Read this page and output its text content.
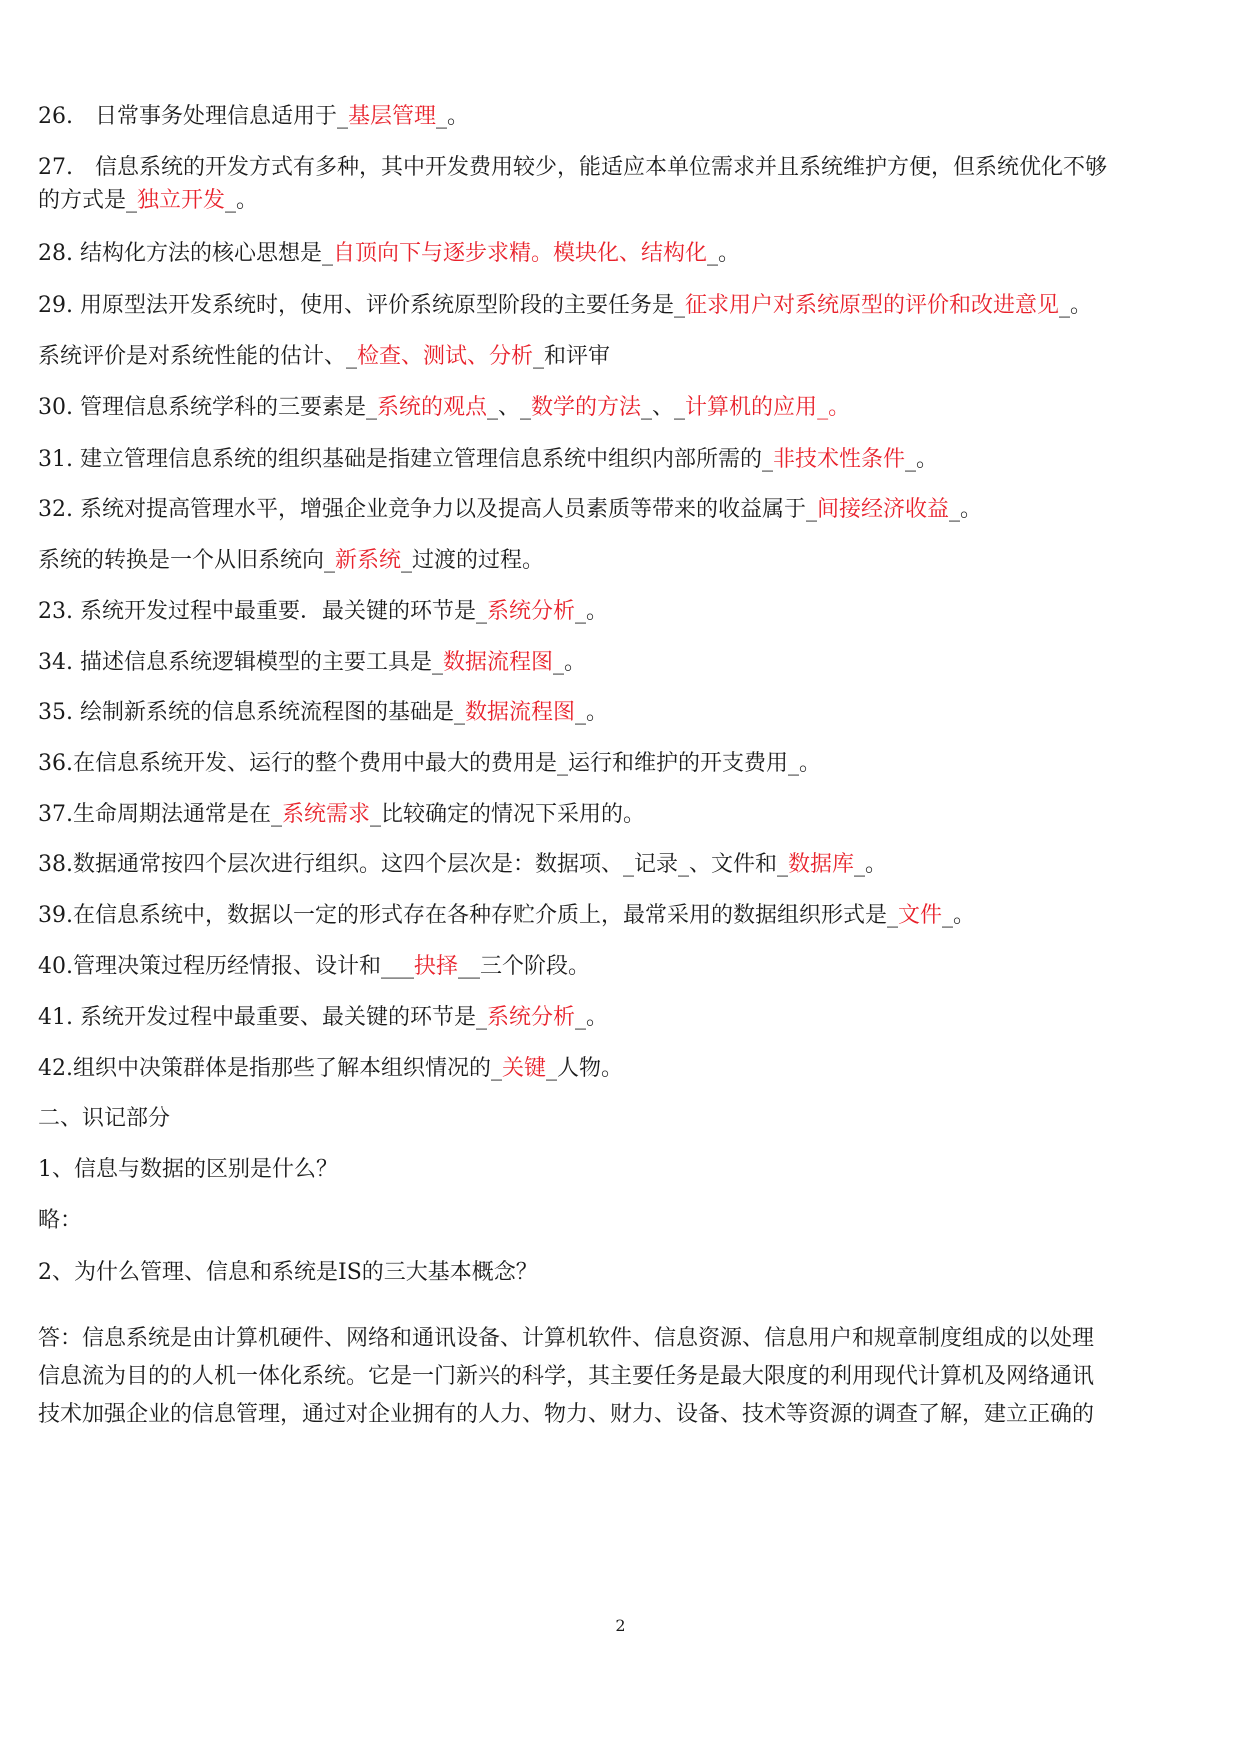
26.　日常事务处理信息适用于_基层管理_。
27.　信息系统的开发方式有多种，其中开发费用较少，能适应本单位需求并且系统维护方便，但系统优化不够
的方式是_独立开发_。
28. 结构化方法的核心思想是_自顶向下与逐步求精。模块化、结构化_。
29. 用原型法开发系统时，使用、评价系统原型阶段的主要任务是_征求用户对系统原型的评价和改进意见_。
系统评价是对系统性能的估计、_检查、测试、分析_和评审
30. 管理信息系统学科的三要素是_系统的观点_、_数学的方法_、_计算机的应用_。
31. 建立管理信息系统的组织基础是指建立管理信息系统中组织内部所需的_非技术性条件_。
32. 系统对提高管理水平，增强企业竞争力以及提高人员素质等带来的收益属于_间接经济收益_。
系统的转换是一个从旧系统向_新系统_过渡的过程。
23. 系统开发过程中最重要．最关键的环节是_系统分析_。
34. 描述信息系统逻辑模型的主要工具是_数据流程图_。
35. 绘制新系统的信息系统流程图的基础是_数据流程图_。
36.在信息系统开发、运行的整个费用中最大的费用是_运行和维护的开支费用_。
37.生命周期法通常是在_系统需求_比较确定的情况下采用的。
38.数据通常按四个层次进行组织。这四个层次是：数据项、_记录_、文件和_数据库_。
39.在信息系统中，数据以一定的形式存在各种存贮介质上，最常采用的数据组织形式是_文件_。
40.管理决策过程历经情报、设计和___抉择__三个阶段。
41. 系统开发过程中最重要、最关键的环节是_系统分析_。
42.组织中决策群体是指那些了解本组织情况的_关键_人物。
二、识记部分
1、信息与数据的区别是什么？
略：
2、为什么管理、信息和系统是IS的三大基本概念？
答：信息系统是由计算机硬件、网络和通讯设备、计算机软件、信息资源、信息用户和规章制度组成的以处理
信息流为目的的人机一体化系统。它是一门新兴的科学，其主要任务是最大限度的利用现代计算机及网络通讯
技术加强企业的信息管理，通过对企业拥有的人力、物力、财力、设备、技术等资源的调查了解，建立正确的
2
